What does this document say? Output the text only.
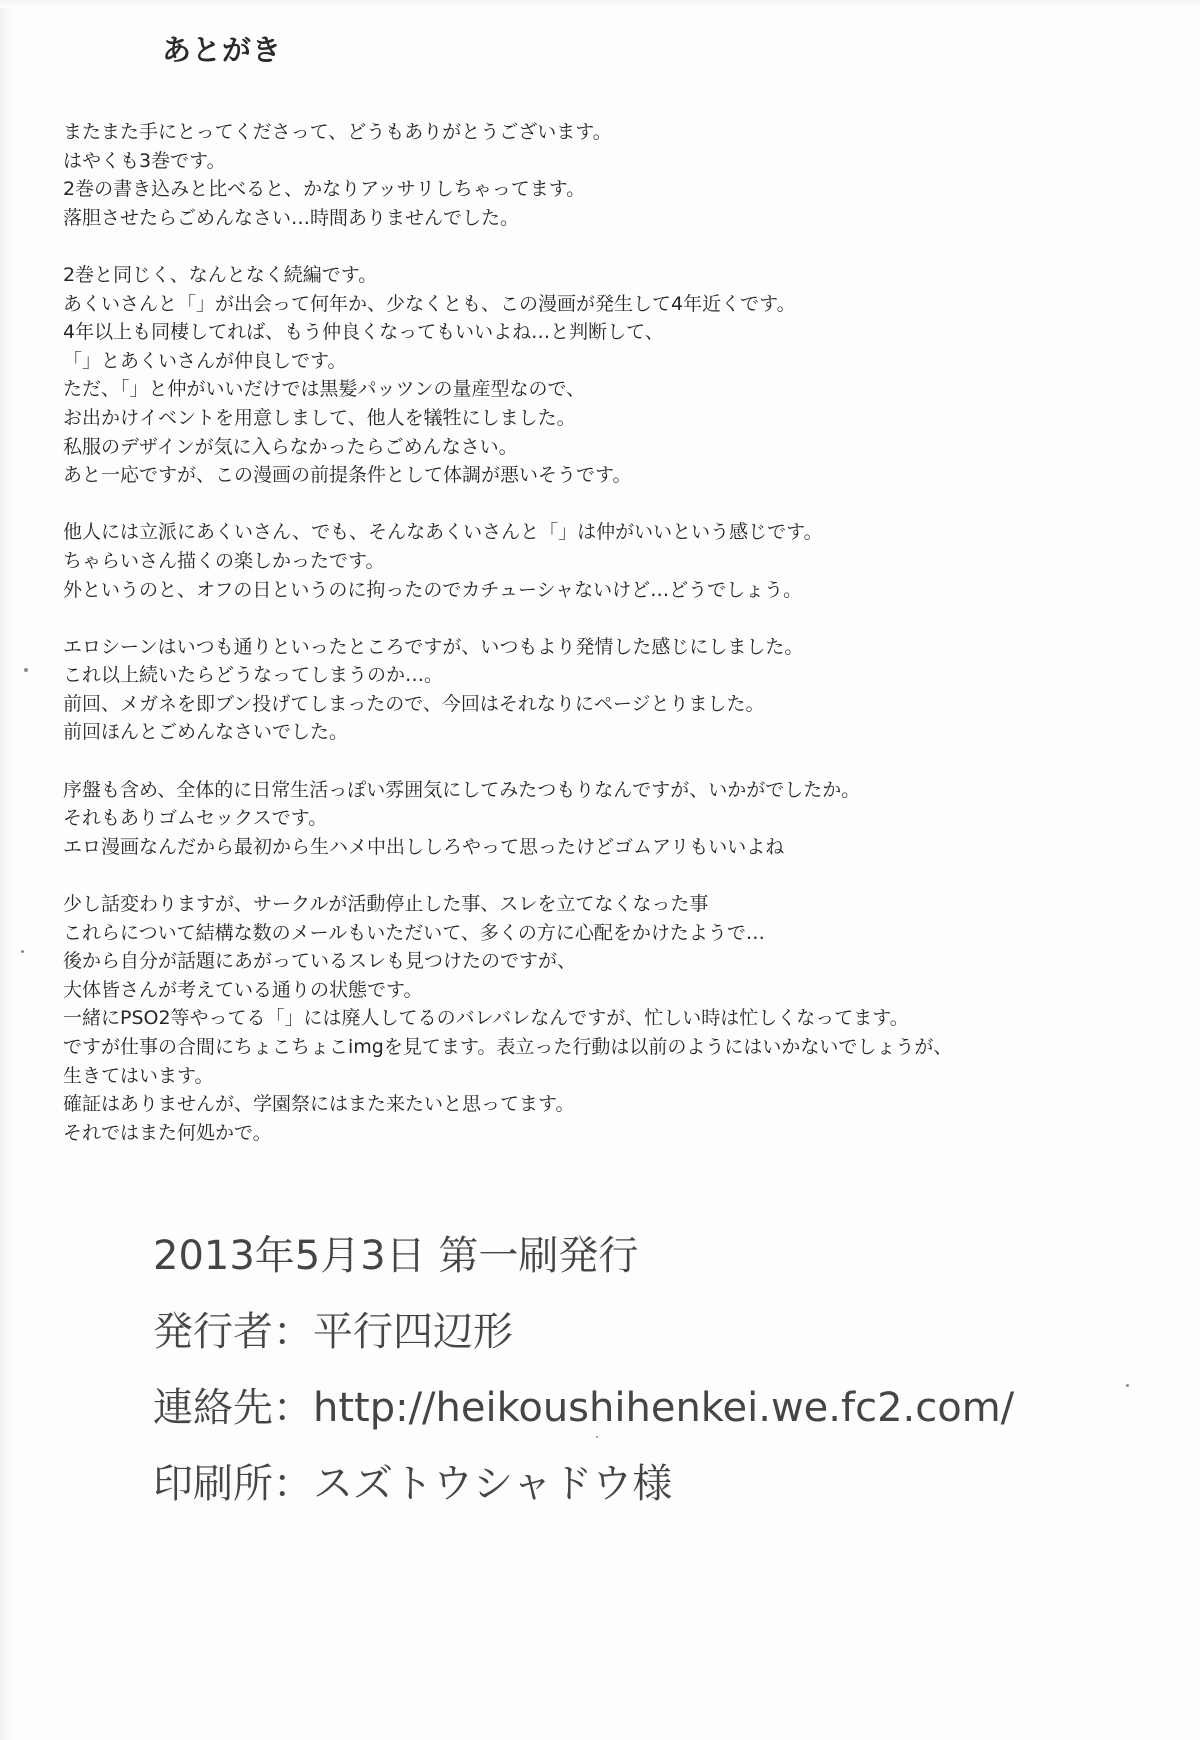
あとがき
またまた手にとってくださって、どうもありがとうございます。
はやくも3巻です。
2巻の書き込みと比べると、かなりアッサリしちゃってます。
落胆させたらごめんなさい…時間ありませんでした。
2巻と同じく、なんとなく続編です。
あくいさんと「」が出会って何年か、少なくとも、この漫画が発生して4年近くです。
4年以上も同棲してれば、もう仲良くなってもいいよね…と判断して、
「」とあくいさんが仲良しです。
ただ、「」と仲がいいだけでは黒髪パッツンの量産型なので、
お出かけイベントを用意しまして、他人を犠牲にしました。
私服のデザインが気に入らなかったらごめんなさい。
あと一応ですが、この漫画の前提条件として体調が悪いそうです。
他人には立派にあくいさん、でも、そんなあくいさんと「」は仲がいいという感じです。
ちゃらいさん描くの楽しかったです。
外というのと、オフの日というのに拘ったのでカチューシャないけど…どうでしょう。
エロシーンはいつも通りといったところですが、いつもより発情した感じにしました。
これ以上続いたらどうなってしまうのか…。
前回、メガネを即ブン投げてしまったので、今回はそれなりにページとりました。
前回ほんとごめんなさいでした。
序盤も含め、全体的に日常生活っぽい雰囲気にしてみたつもりなんですが、いかがでしたか。
それもありゴムセックスです。
エロ漫画なんだから最初から生ハメ中出ししろやって思ったけどゴムアリもいいよね
少し話変わりますが、サークルが活動停止した事、スレを立てなくなった事
これらについて結構な数のメールもいただいて、多くの方に心配をかけたようで…
後から自分が話題にあがっているスレも見つけたのですが、
大体皆さんが考えている通りの状態です。
一緒にPSO2等やってる「」には廃人してるのバレバレなんですが、忙しい時は忙しくなってます。
ですが仕事の合間にちょこちょこimgを見てます。表立った行動は以前のようにはいかないでしょうが、
生きてはいます。
確証はありませんが、学園祭にはまた来たいと思ってます。
それではまた何処かで。
2013年5月3日 第一刷発行
発行者：平行四辺形
連絡先：http://heikoushihenkei.we.fc2.com/
印刷所：スズトウシャドウ様
